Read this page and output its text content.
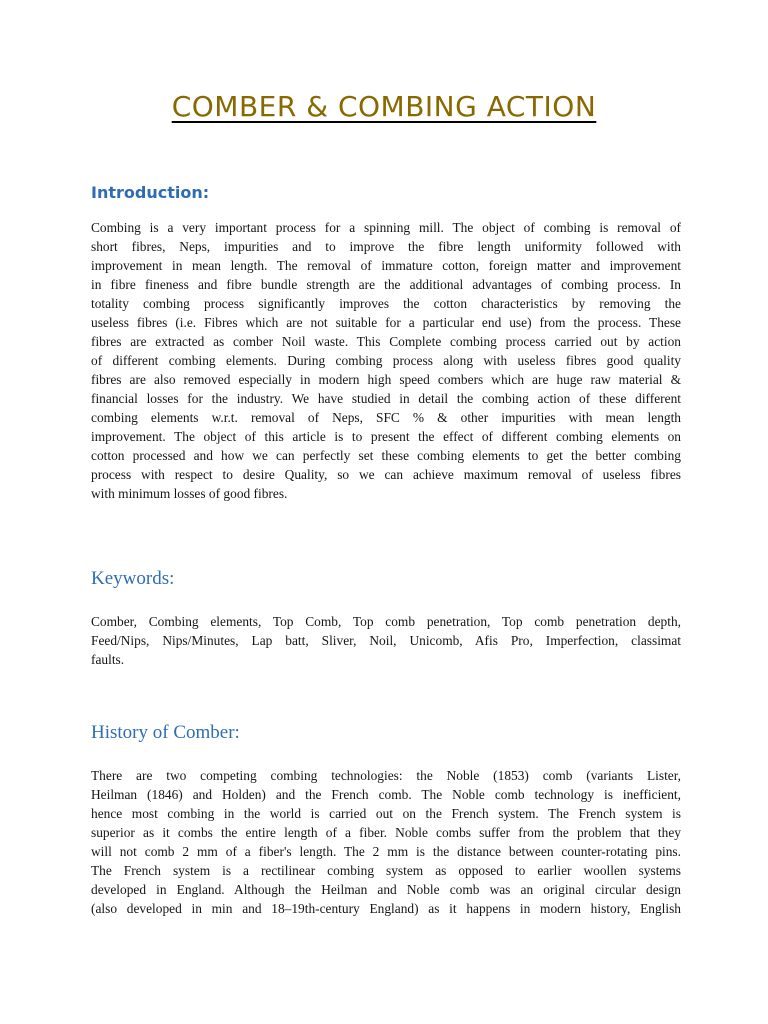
COMBER & COMBING ACTION
Introduction:
Combing is a very important process for a spinning mill. The object of combing is removal of
short fibres, Neps, impurities and to improve the fibre length uniformity followed with
improvement in mean length. The removal of immature cotton, foreign matter and improvement
in fibre fineness and fibre bundle strength are the additional advantages of combing process. In
totality combing process significantly improves the cotton characteristics by removing the
useless fibres (i.e. Fibres which are not suitable for a particular end use) from the process. These
fibres are extracted as comber Noil waste. This Complete combing process carried out by action
of different combing elements. During combing process along with useless fibres good quality
fibres are also removed especially in modern high speed combers which are huge raw material &
financial losses for the industry. We have studied in detail the combing action of these different
combing elements w.r.t. removal of Neps, SFC % & other impurities with mean length
improvement. The object of this article is to present the effect of different combing elements on
cotton processed and how we can perfectly set these combing elements to get the better combing
process with respect to desire Quality, so we can achieve maximum removal of useless fibres
with minimum losses of good fibres.
Keywords:
Comber, Combing elements, Top Comb, Top comb penetration, Top comb penetration depth,
Feed/Nips, Nips/Minutes, Lap batt, Sliver, Noil, Unicomb, Afis Pro, Imperfection, classimat
faults.
History of Comber:
There are two competing combing technologies: the Noble (1853) comb (variants Lister,
Heilman (1846) and Holden) and the French comb. The Noble comb technology is inefficient,
hence most combing in the world is carried out on the French system. The French system is
superior as it combs the entire length of a fiber. Noble combs suffer from the problem that they
will not comb 2 mm of a fiber's length. The 2 mm is the distance between counter-rotating pins.
The French system is a rectilinear combing system as opposed to earlier woollen systems
developed in England. Although the Heilman and Noble comb was an original circular design
(also developed in min and 18–19th-century England) as it happens in modern history, English
